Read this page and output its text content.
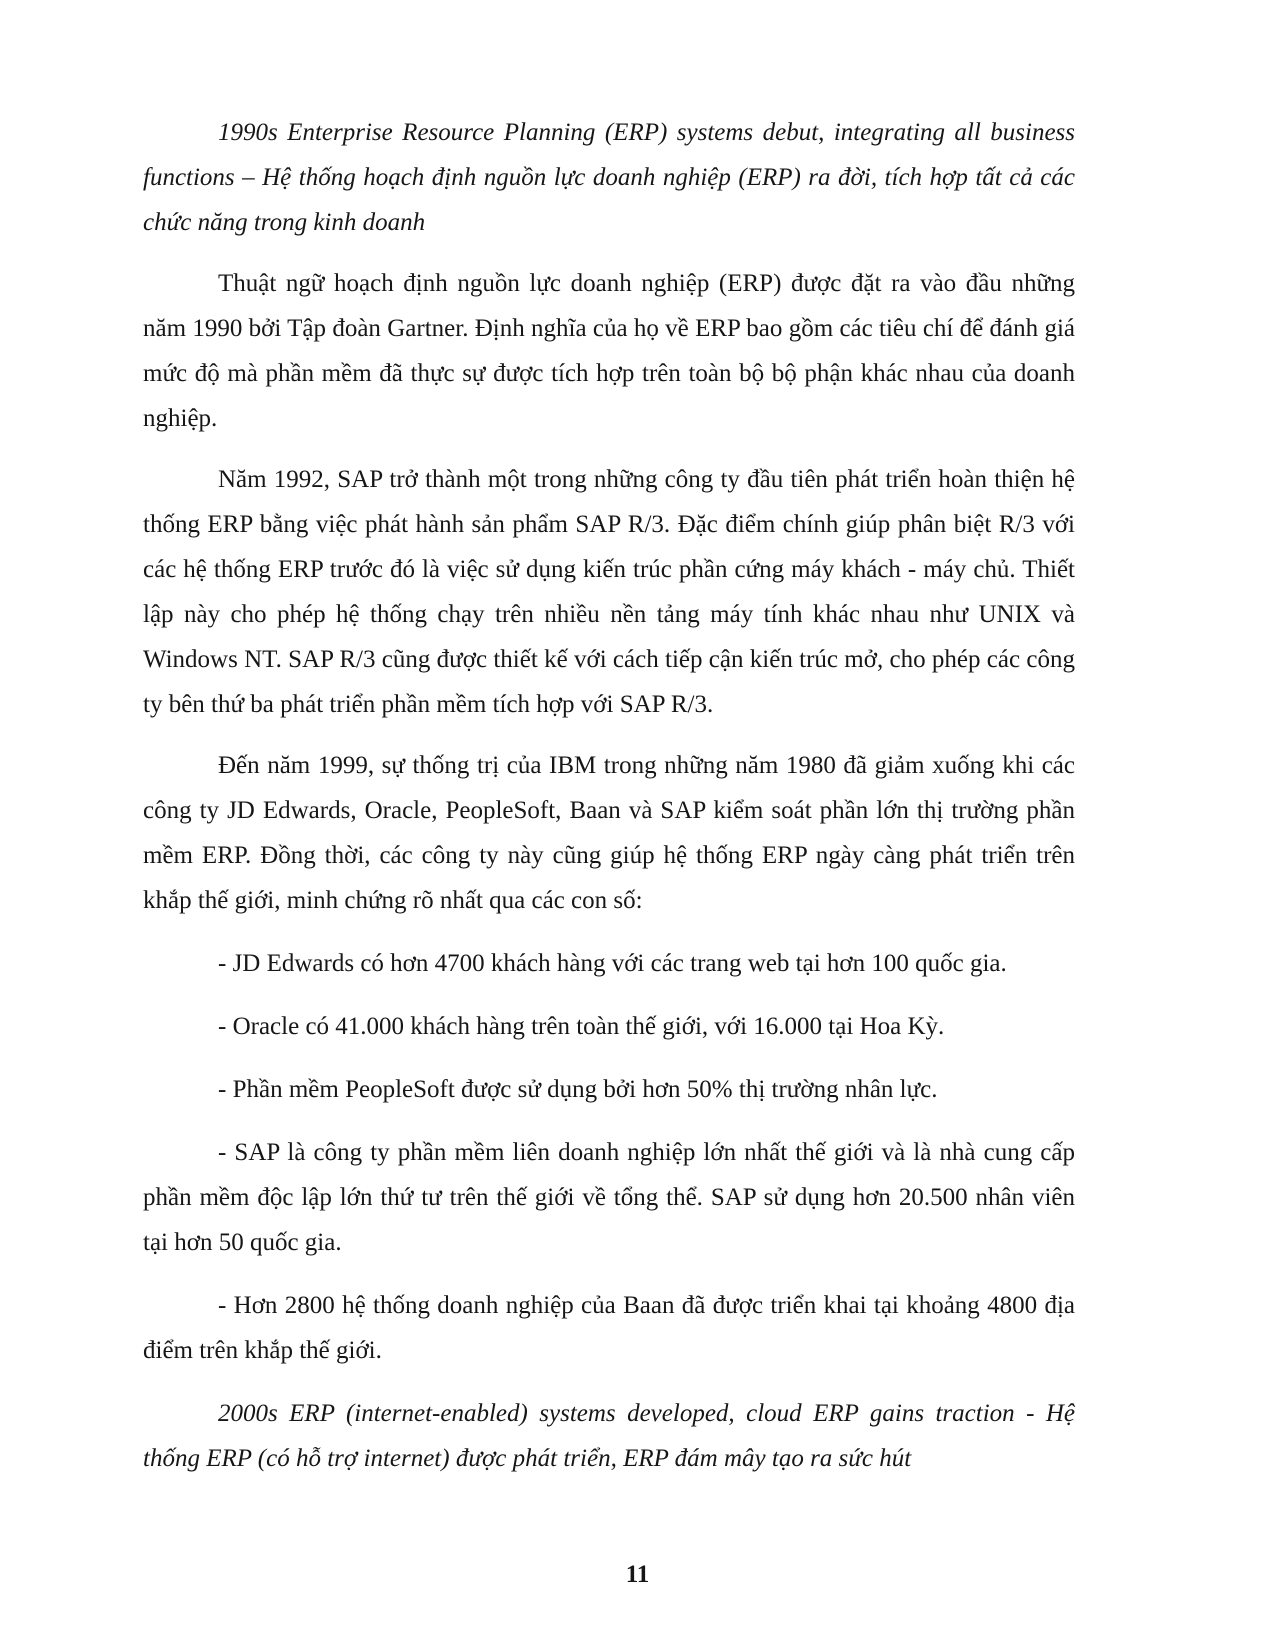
1990s Enterprise Resource Planning (ERP) systems debut, integrating all business functions – Hệ thống hoạch định nguồn lực doanh nghiệp (ERP) ra đời, tích hợp tất cả các chức năng trong kinh doanh

Thuật ngữ hoạch định nguồn lực doanh nghiệp (ERP) được đặt ra vào đầu những năm 1990 bởi Tập đoàn Gartner. Định nghĩa của họ về ERP bao gồm các tiêu chí để đánh giá mức độ mà phần mềm đã thực sự được tích hợp trên toàn bộ bộ phận khác nhau của doanh nghiệp.

Năm 1992, SAP trở thành một trong những công ty đầu tiên phát triển hoàn thiện hệ thống ERP bằng việc phát hành sản phẩm SAP R/3. Đặc điểm chính giúp phân biệt R/3 với các hệ thống ERP trước đó là việc sử dụng kiến trúc phần cứng máy khách - máy chủ. Thiết lập này cho phép hệ thống chạy trên nhiều nền tảng máy tính khác nhau như UNIX và Windows NT. SAP R/3 cũng được thiết kế với cách tiếp cận kiến trúc mở, cho phép các công ty bên thứ ba phát triển phần mềm tích hợp với SAP R/3.

Đến năm 1999, sự thống trị của IBM trong những năm 1980 đã giảm xuống khi các công ty JD Edwards, Oracle, PeopleSoft, Baan và SAP kiểm soát phần lớn thị trường phần mềm ERP. Đồng thời, các công ty này cũng giúp hệ thống ERP ngày càng phát triển trên khắp thế giới, minh chứng rõ nhất qua các con số:

- JD Edwards có hơn 4700 khách hàng với các trang web tại hơn 100 quốc gia.

- Oracle có 41.000 khách hàng trên toàn thế giới, với 16.000 tại Hoa Kỳ.

- Phần mềm PeopleSoft được sử dụng bởi hơn 50% thị trường nhân lực.

- SAP là công ty phần mềm liên doanh nghiệp lớn nhất thế giới và là nhà cung cấp phần mềm độc lập lớn thứ tư trên thế giới về tổng thể. SAP sử dụng hơn 20.500 nhân viên tại hơn 50 quốc gia.

- Hơn 2800 hệ thống doanh nghiệp của Baan đã được triển khai tại khoảng 4800 địa điểm trên khắp thế giới.

2000s ERP (internet-enabled) systems developed, cloud ERP gains traction - Hệ thống ERP (có hỗ trợ internet) được phát triển, ERP đám mây tạo ra sức hút

11
